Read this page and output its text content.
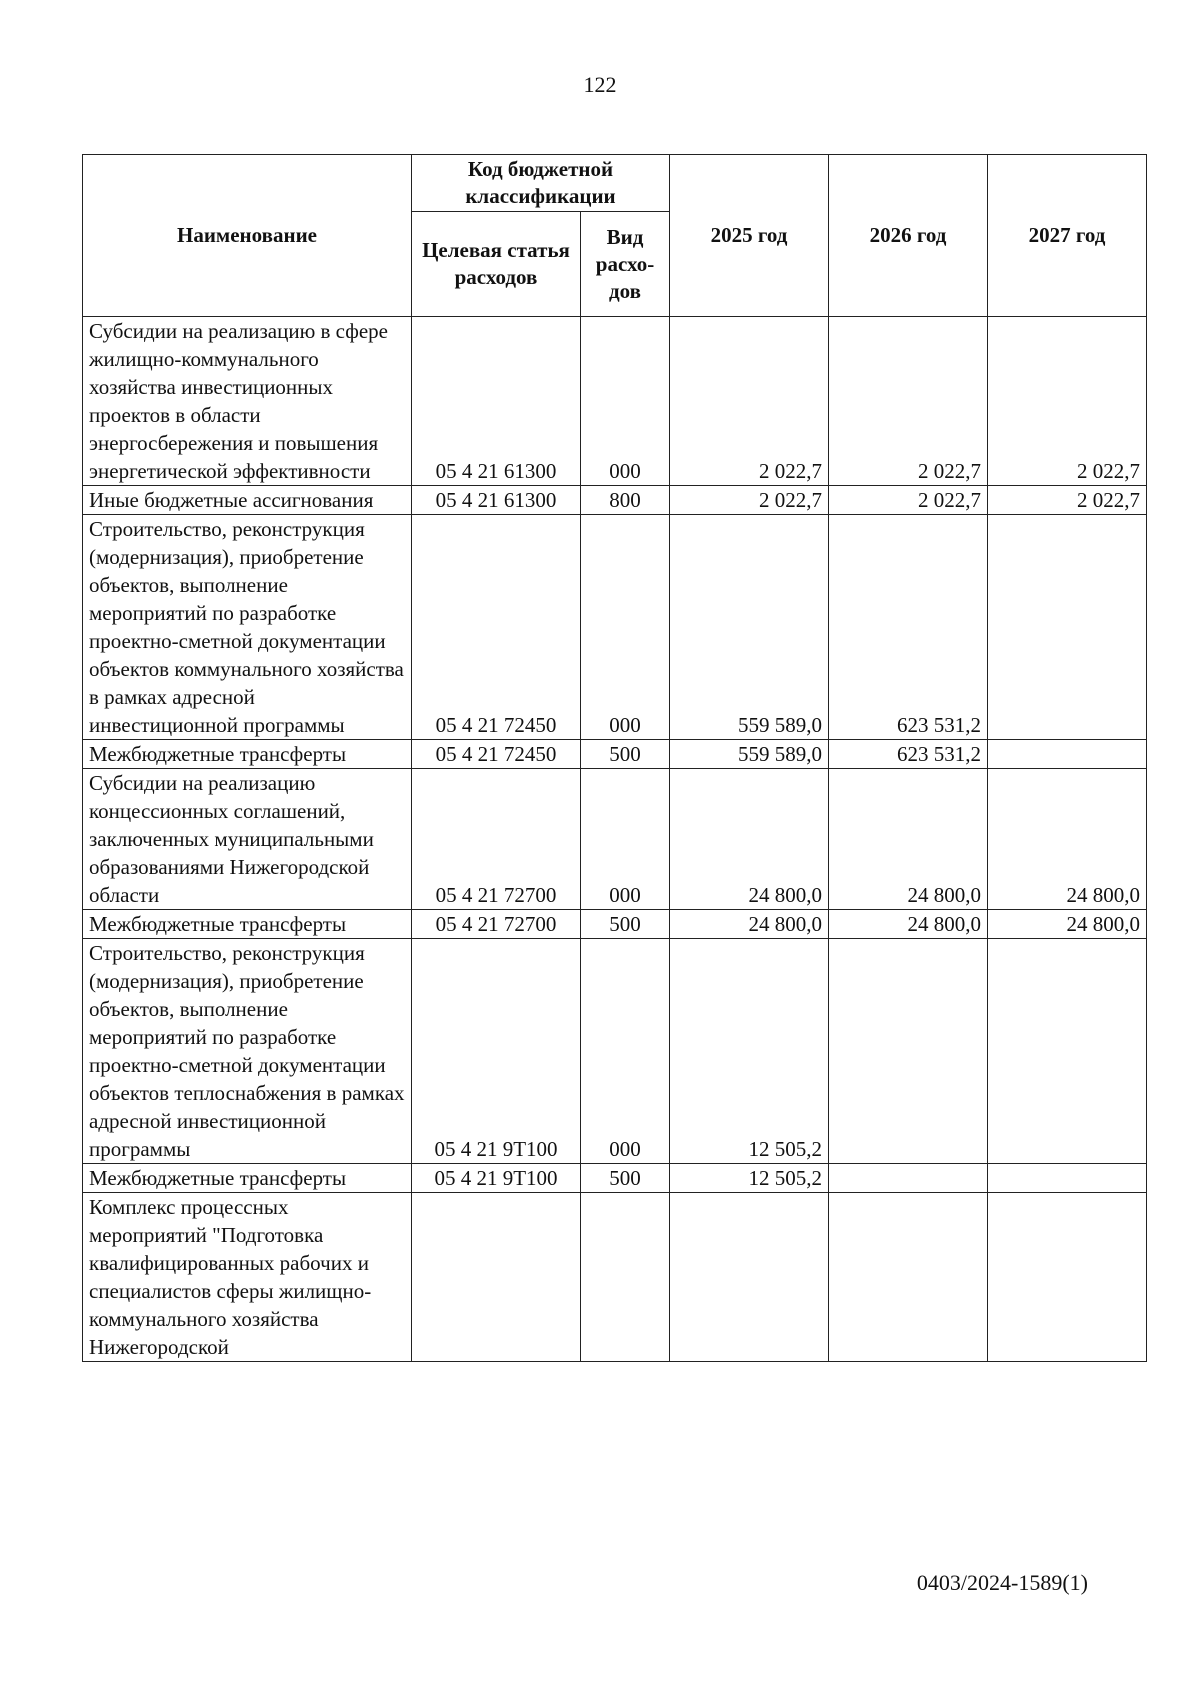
122
Наименование	Код бюджетной классификации		2025 год	2026 год	2027 год
	Целевая статья расходов	Вид расхо-дов			
Субсидии на реализацию в сфере жилищно-коммунального хозяйства инвестиционных проектов в области энергосбережения и повышения энергетической эффективности	05 4 21 61300	000	2 022,7	2 022,7	2 022,7
Иные бюджетные ассигнования	05 4 21 61300	800	2 022,7	2 022,7	2 022,7
Строительство, реконструкция (модернизация), приобретение объектов, выполнение мероприятий по разработке проектно-сметной документации объектов коммунального хозяйства в рамках адресной инвестиционной программы	05 4 21 72450	000	559 589,0	623 531,2	
Межбюджетные трансферты	05 4 21 72450	500	559 589,0	623 531,2	
Субсидии на реализацию концессионных соглашений, заключенных муниципальными образованиями Нижегородской области	05 4 21 72700	000	24 800,0	24 800,0	24 800,0
Межбюджетные трансферты	05 4 21 72700	500	24 800,0	24 800,0	24 800,0
Строительство, реконструкция (модернизация), приобретение объектов, выполнение мероприятий по разработке проектно-сметной документации объектов теплоснабжения в рамках адресной инвестиционной программы	05 4 21 9Т100	000	12 505,2		
Межбюджетные трансферты	05 4 21 9Т100	500	12 505,2		
Комплекс процессных мероприятий "Подготовка квалифицированных рабочих и специалистов сферы жилищно-коммунального хозяйства Нижегородской					
0403/2024-1589(1)
